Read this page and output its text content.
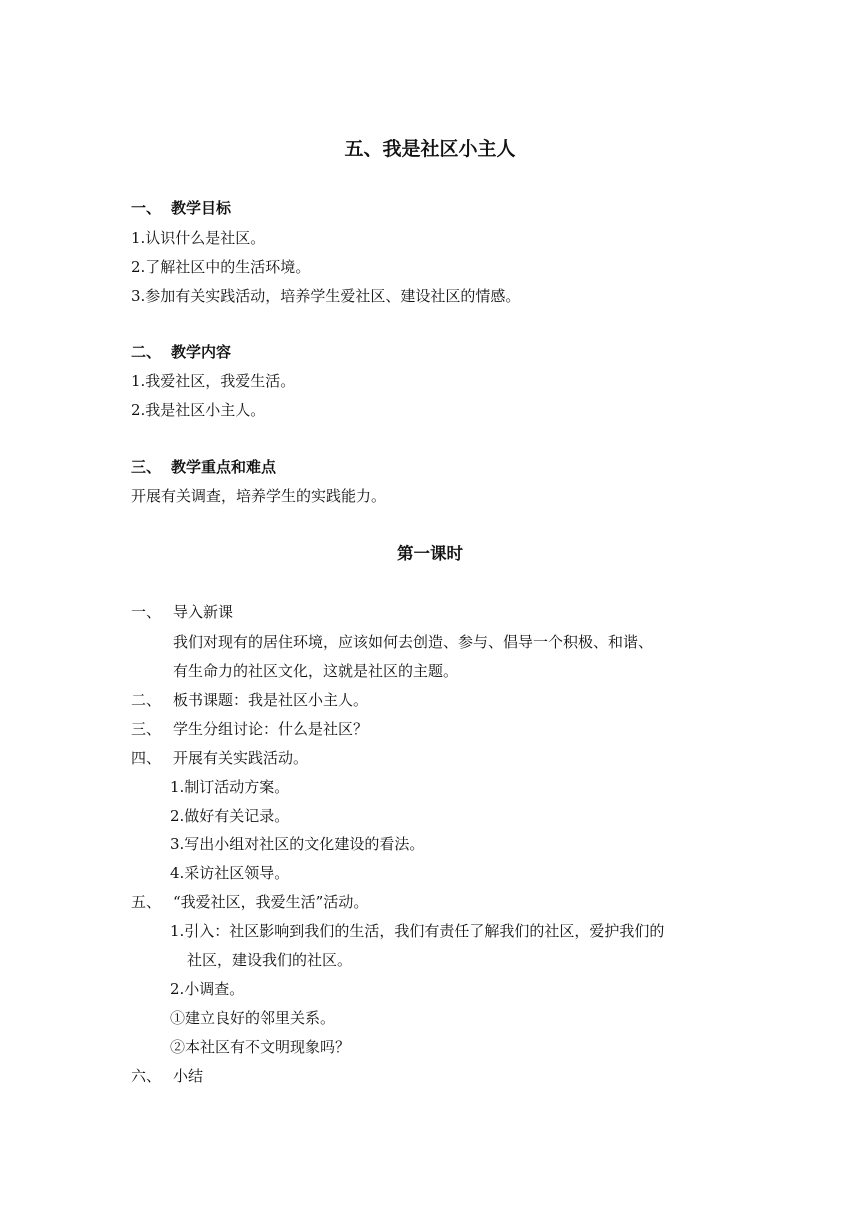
五、我是社区小主人
一、 教学目标
1.认识什么是社区。
2.了解社区中的生活环境。
3.参加有关实践活动，培养学生爱社区、建设社区的情感。
二、 教学内容
1.我爱社区，我爱生活。
2.我是社区小主人。
三、 教学重点和难点
开展有关调查，培养学生的实践能力。
第一课时
一、 导入新课
我们对现有的居住环境，应该如何去创造、参与、倡导一个积极、和谐、
有生命力的社区文化，这就是社区的主题。
二、 板书课题：我是社区小主人。
三、 学生分组讨论：什么是社区？
四、 开展有关实践活动。
1.制订活动方案。
2.做好有关记录。
3.写出小组对社区的文化建设的看法。
4.采访社区领导。
五、 “我爱社区，我爱生活”活动。
1.引入：社区影响到我们的生活，我们有责任了解我们的社区，爱护我们的
社区，建设我们的社区。
2.小调查。
①建立良好的邻里关系。
②本社区有不文明现象吗？
六、 小结
